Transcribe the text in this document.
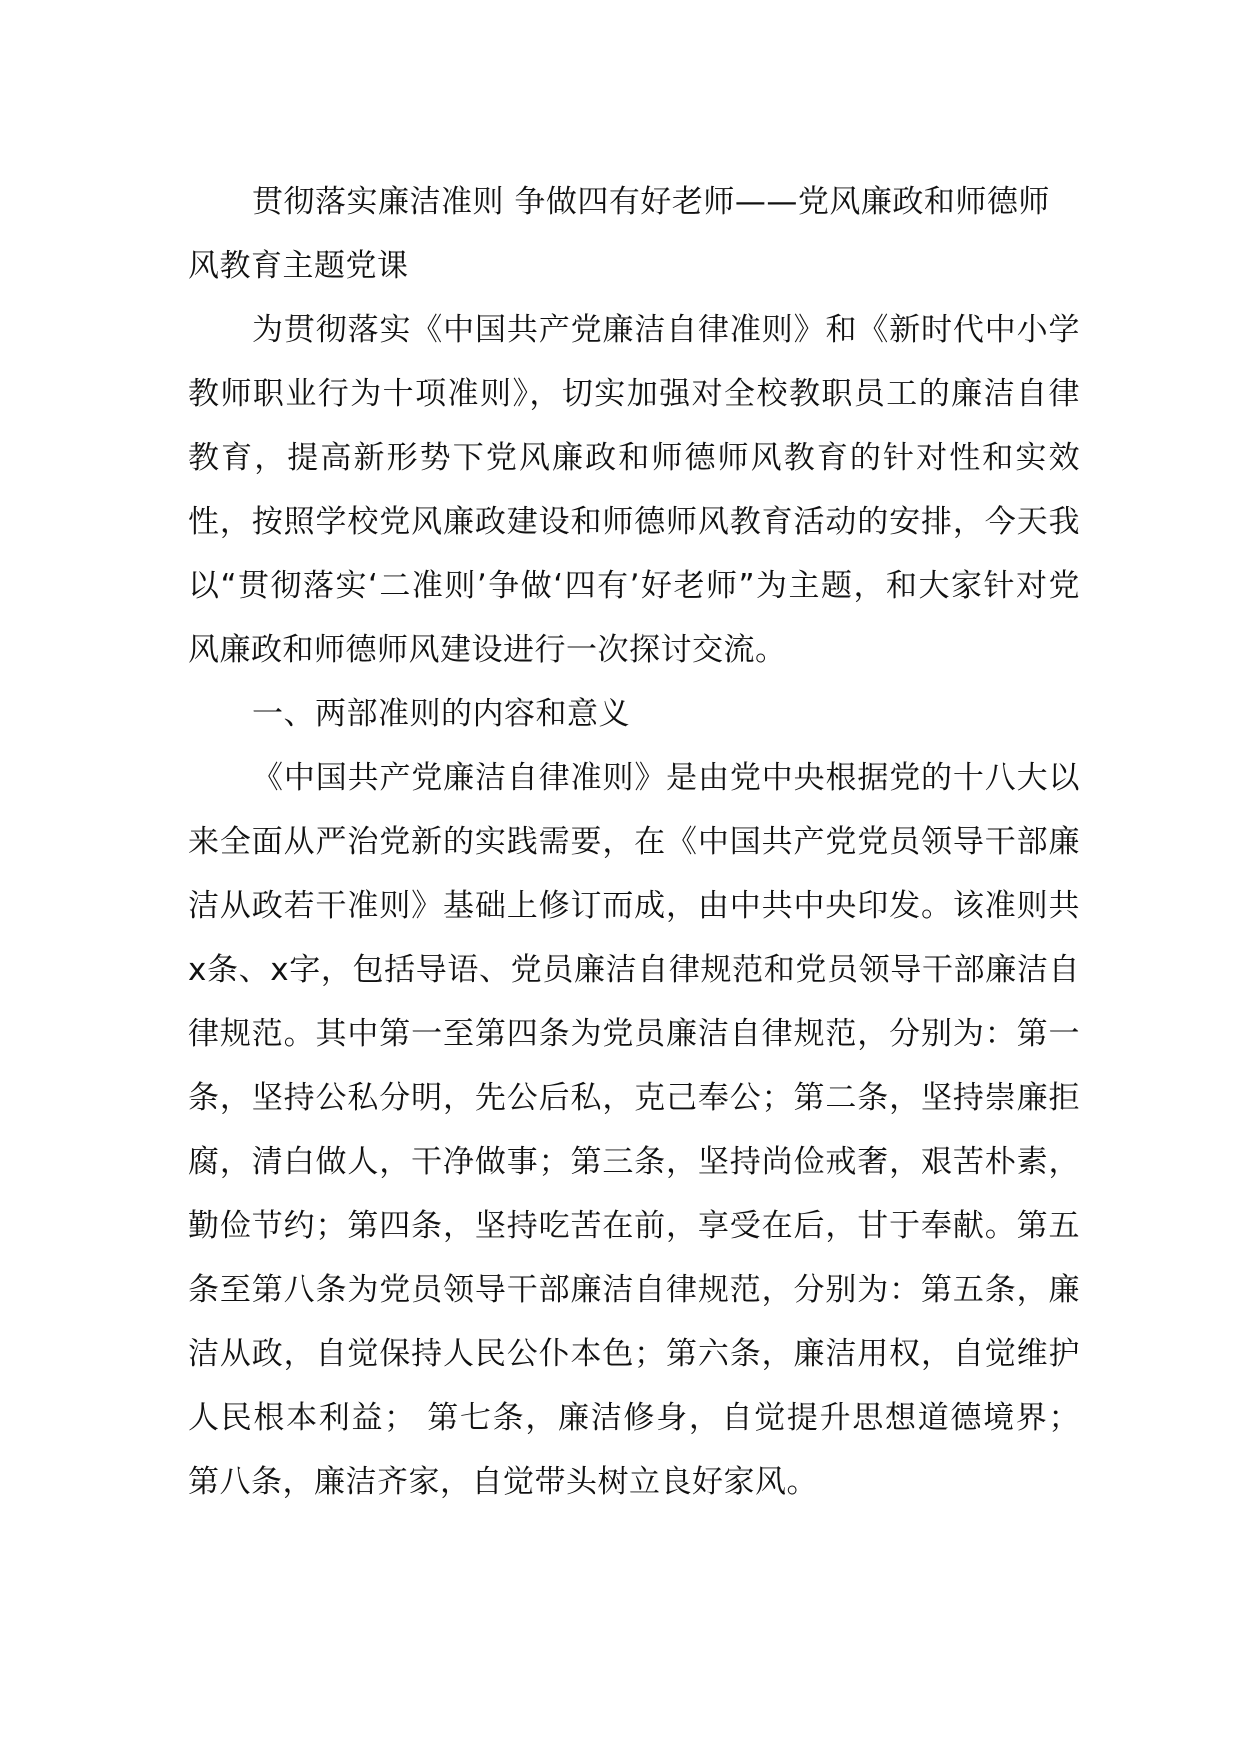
贯彻落实廉洁准则 争做四有好老师——党风廉政和师德师风教育主题党课

为贯彻落实《中国共产党廉洁自律准则》和《新时代中小学教师职业行为十项准则》，切实加强对全校教职员工的廉洁自律教育，提高新形势下党风廉政和师德师风教育的针对性和实效性，按照学校党风廉政建设和师德师风教育活动的安排，今天我以“贯彻落实‘二准则’争做‘四有’好老师”为主题，和大家针对党风廉政和师德师风建设进行一次探讨交流。

一、两部准则的内容和意义

《中国共产党廉洁自律准则》是由党中央根据党的十八大以来全面从严治党新的实践需要，在《中国共产党党员领导干部廉洁从政若干准则》基础上修订而成，由中共中央印发。该准则共x条、x字，包括导语、党员廉洁自律规范和党员领导干部廉洁自律规范。其中第一至第四条为党员廉洁自律规范，分别为：第一条，坚持公私分明，先公后私，克己奉公；第二条，坚持崇廉拒腐，清白做人，干净做事；第三条，坚持尚俭戒奢，艰苦朴素，勤俭节约；第四条，坚持吃苦在前，享受在后，甘于奉献。第五条至第八条为党员领导干部廉洁自律规范，分别为：第五条，廉洁从政，自觉保持人民公仆本色；第六条，廉洁用权，自觉维护人民根本利益； 第七条，廉洁修身，自觉提升思想道德境界；第八条，廉洁齐家，自觉带头树立良好家风。
